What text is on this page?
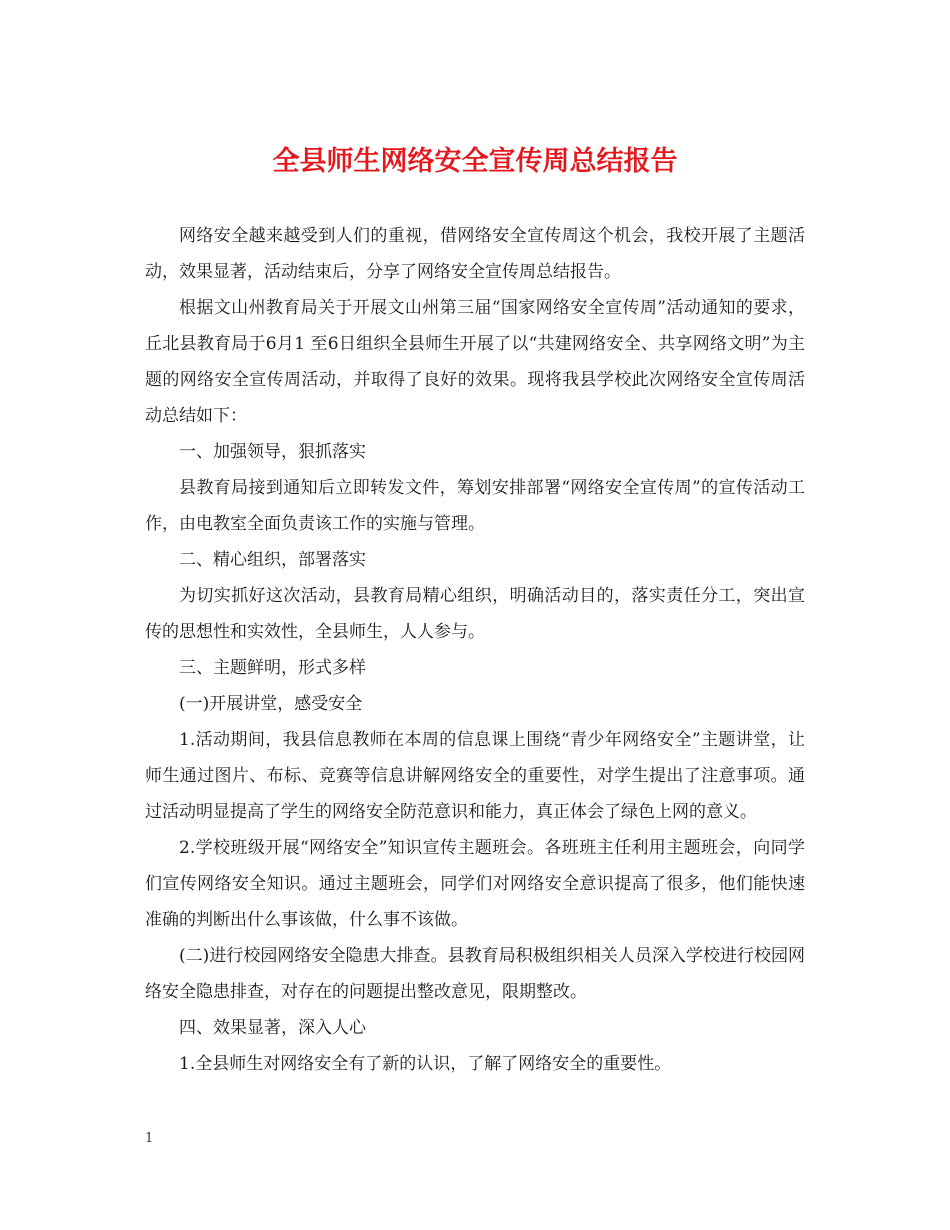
全县师生网络安全宣传周总结报告

网络安全越来越受到人们的重视，借网络安全宣传周这个机会，我校开展了主题活动，效果显著，活动结束后，分享了网络安全宣传周总结报告。

根据文山州教育局关于开展文山州第三届“国家网络安全宣传周”活动通知的要求，丘北县教育局于6月1 至6日组织全县师生开展了以“共建网络安全、共享网络文明”为主题的网络安全宣传周活动，并取得了良好的效果。现将我县学校此次网络安全宣传周活动总结如下：

一、加强领导，狠抓落实

县教育局接到通知后立即转发文件，筹划安排部署“网络安全宣传周”的宣传活动工作，由电教室全面负责该工作的实施与管理。

二、精心组织，部署落实

为切实抓好这次活动，县教育局精心组织，明确活动目的，落实责任分工，突出宣传的思想性和实效性，全县师生，人人参与。

三、主题鲜明，形式多样

(一)开展讲堂，感受安全

1.活动期间，我县信息教师在本周的信息课上围绕“青少年网络安全”主题讲堂，让师生通过图片、布标、竞赛等信息讲解网络安全的重要性，对学生提出了注意事项。通过活动明显提高了学生的网络安全防范意识和能力，真正体会了绿色上网的意义。

2.学校班级开展“网络安全”知识宣传主题班会。各班班主任利用主题班会，向同学们宣传网络安全知识。通过主题班会，同学们对网络安全意识提高了很多，他们能快速准确的判断出什么事该做，什么事不该做。

(二)进行校园网络安全隐患大排查。县教育局积极组织相关人员深入学校进行校园网络安全隐患排查，对存在的问题提出整改意见，限期整改。

四、效果显著，深入人心

1.全县师生对网络安全有了新的认识，了解了网络安全的重要性。

1
